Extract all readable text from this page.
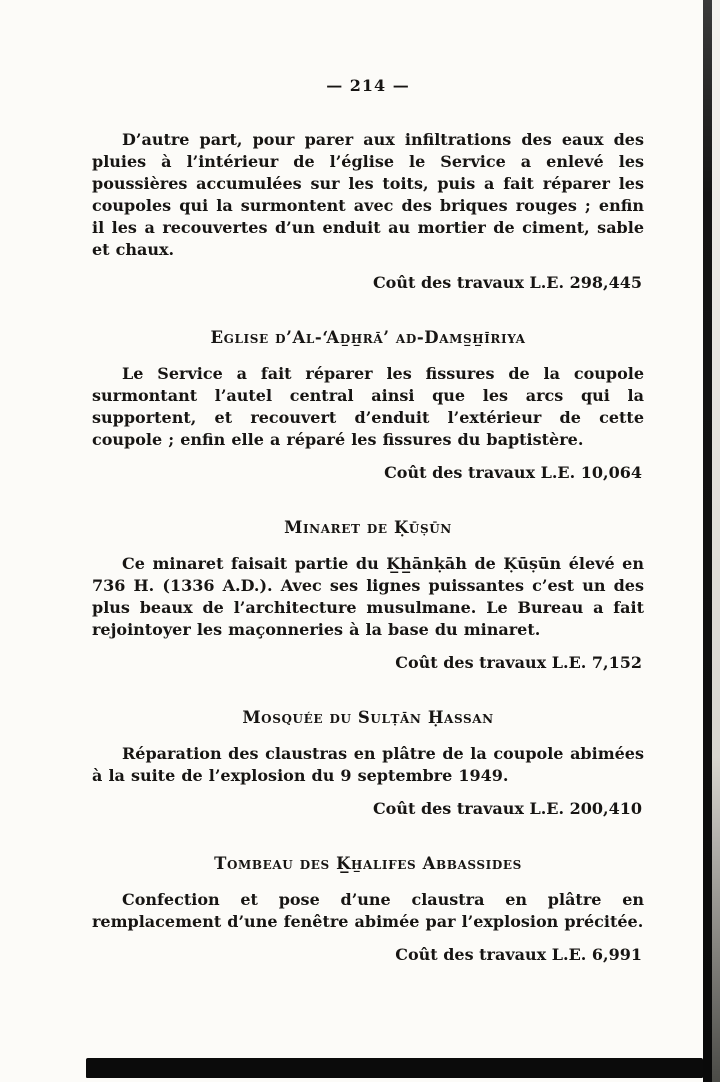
— 214 —

D’autre part, pour parer aux infiltrations des eaux des pluies à l’intérieur de l’église le Service a enlevé les poussières accumulées sur les toits, puis a fait réparer les coupoles qui la surmontent avec des briques rouges ; enfin il les a recouvertes d’un enduit au mortier de ciment, sable et chaux.

Coût des travaux L.E. 298,445
Eglise d’Al-‘Ad̲h̲rā’ ad-Dams̲h̲īriya

Le Service a fait réparer les fissures de la coupole surmontant l’autel central ainsi que les arcs qui la supportent, et recouvert d’enduit l’extérieur de cette coupole ; enfin elle a réparé les fissures du baptistère.

Coût des travaux L.E. 10,064
Minaret de Ḳūṣūn

Ce minaret faisait partie du K̲h̲ānḳāh de Ḳūṣūn élevé en 736 H. (1336 A.D.). Avec ses lignes puissantes c’est un des plus beaux de l’architecture musulmane. Le Bureau a fait rejointoyer les maçonneries à la base du minaret.

Coût des travaux L.E. 7,152
Mosquée du Sulṭān Ḥassan

Réparation des claustras en plâtre de la coupole abimées à la suite de l’explosion du 9 septembre 1949.

Coût des travaux L.E. 200,410
Tombeau des K̲h̲alifes Abbassides

Confection et pose d’une claustra en plâtre en remplacement d’une fenêtre abimée par l’explosion précitée.

Coût des travaux L.E. 6,991
